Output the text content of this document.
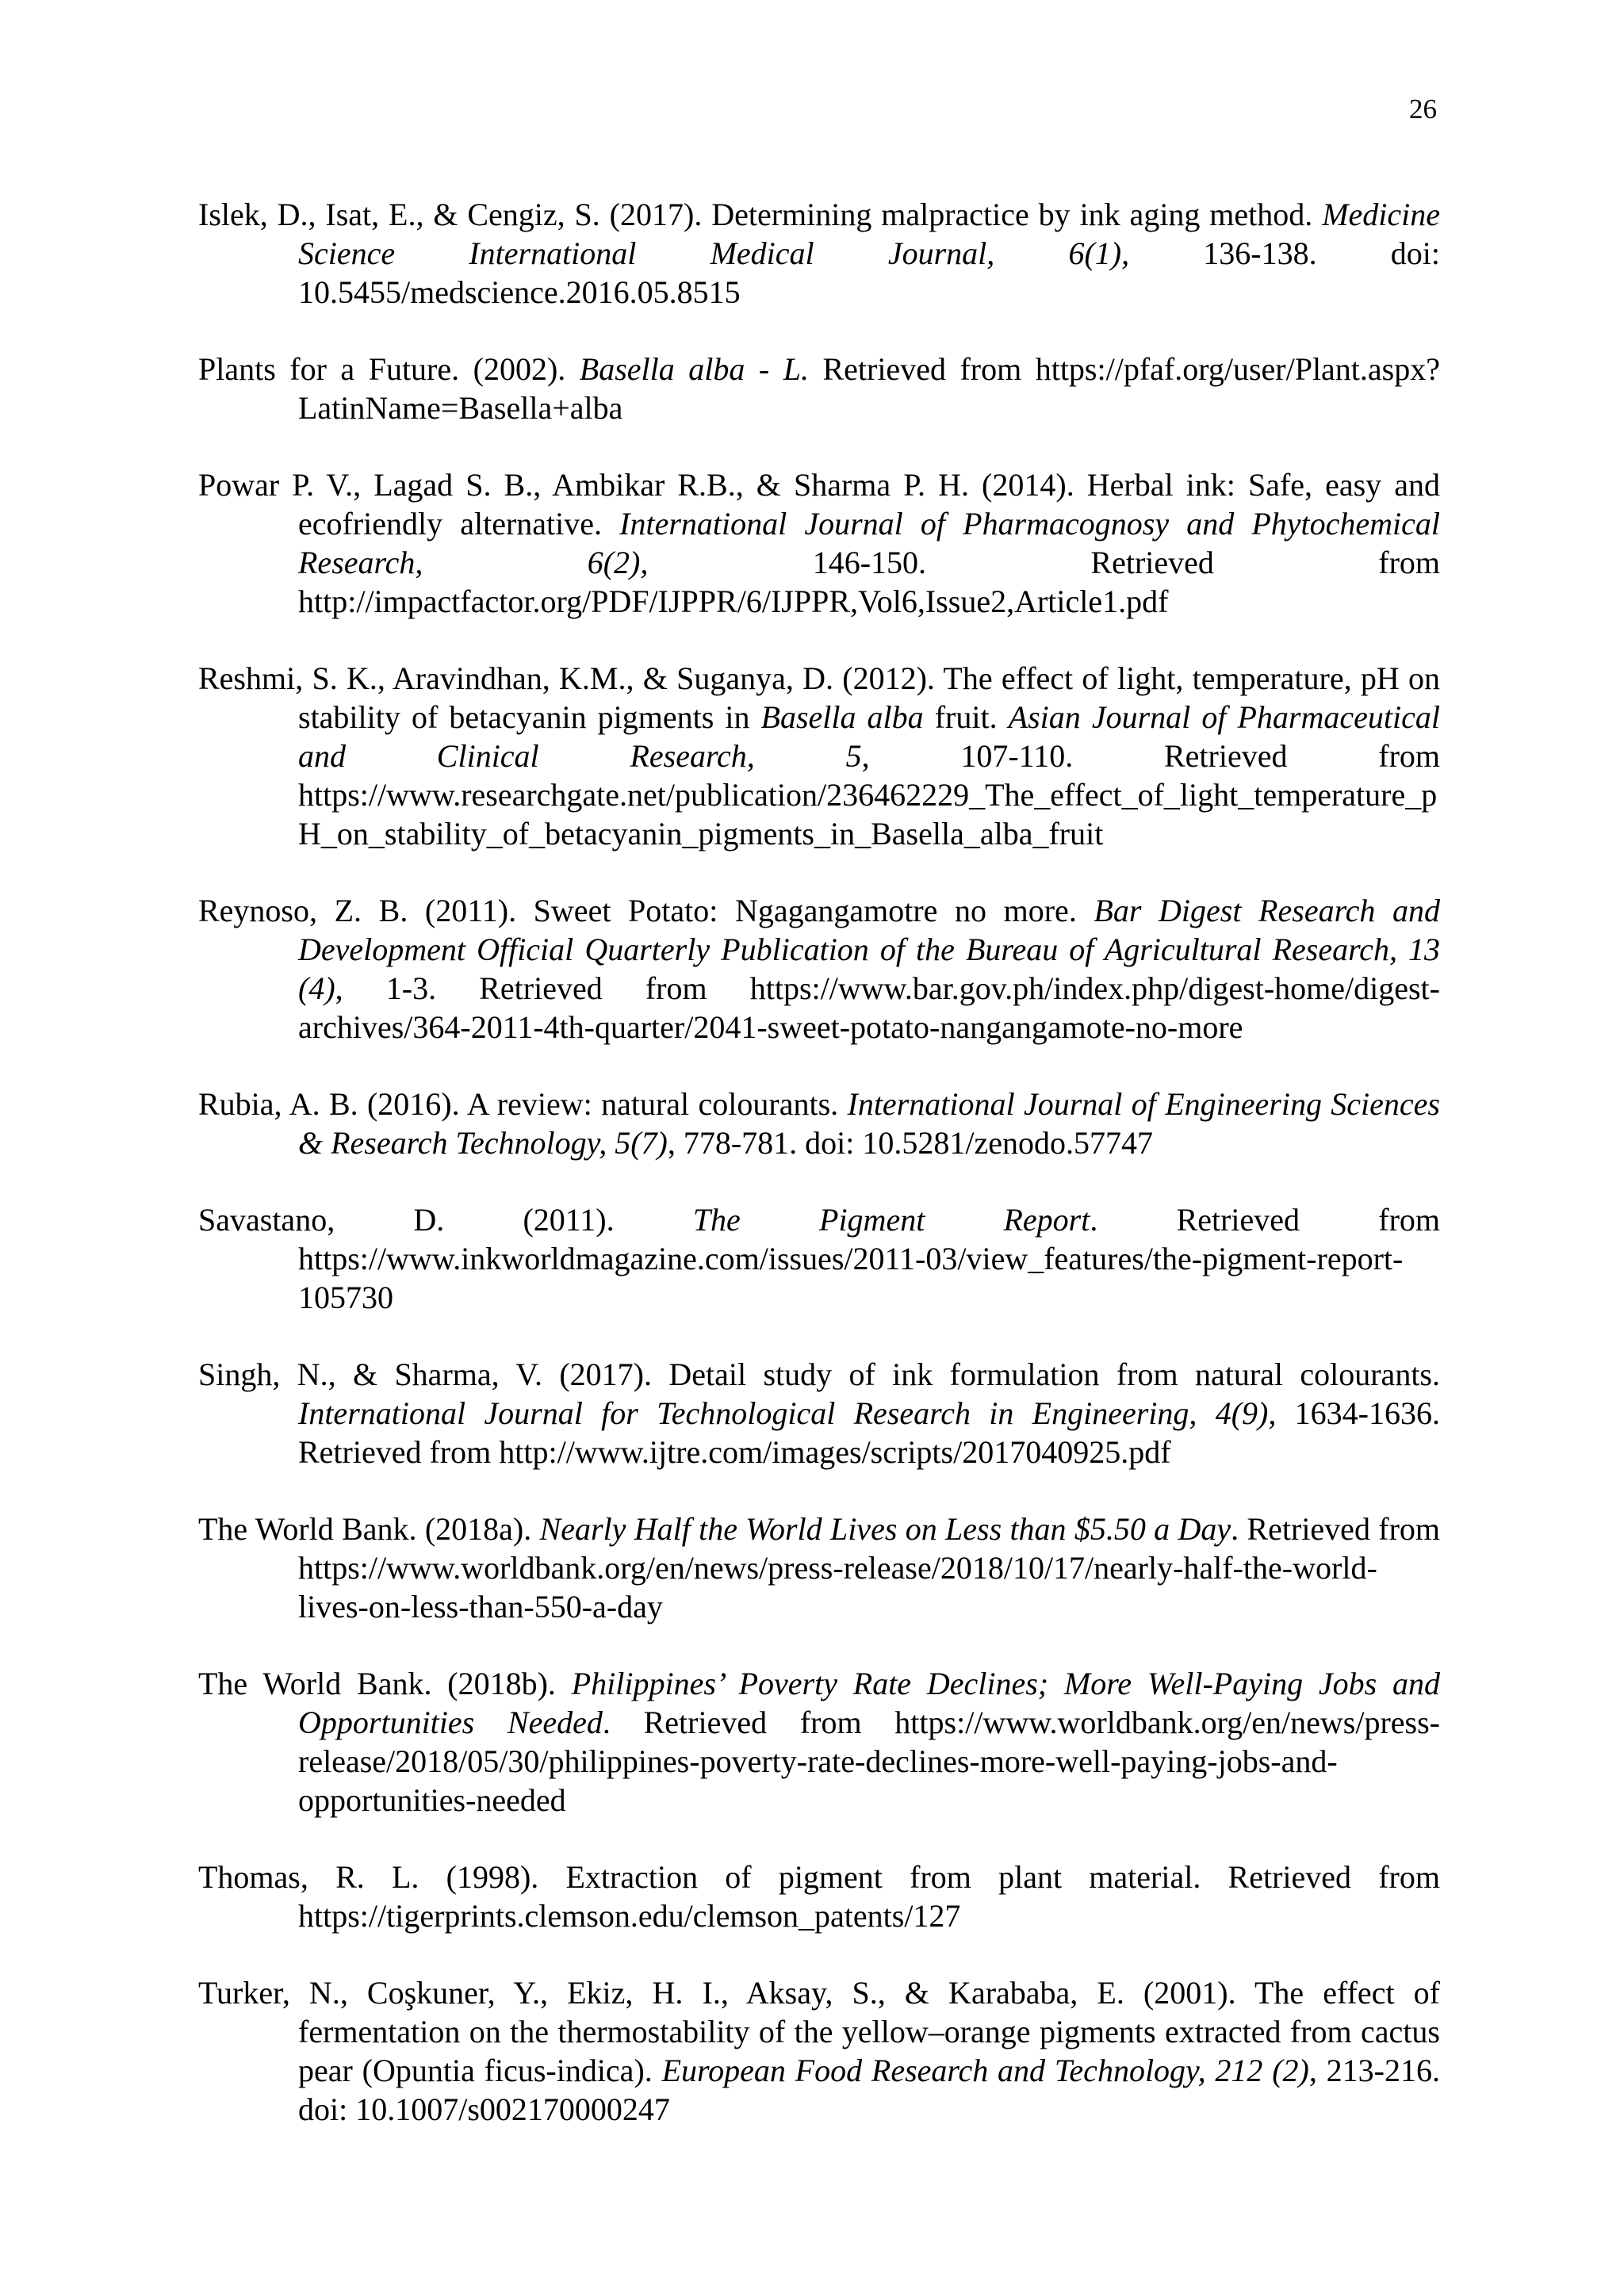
26

Islek, D., Isat, E., & Cengiz, S. (2017). Determining malpractice by ink aging method. Medicine Science International Medical Journal, 6(1), 136-138. doi: 10.5455/medscience.2016.05.8515

Plants for a Future. (2002). Basella alba - L. Retrieved from https://pfaf.org/user/Plant.aspx?LatinName=Basella+alba

Powar P. V., Lagad S. B., Ambikar R.B., & Sharma P. H. (2014). Herbal ink: Safe, easy and ecofriendly alternative. International Journal of Pharmacognosy and Phytochemical Research, 6(2), 146-150. Retrieved from http://impactfactor.org/PDF/IJPPR/6/IJPPR,Vol6,Issue2,Article1.pdf

Reshmi, S. K., Aravindhan, K.M., & Suganya, D. (2012). The effect of light, temperature, pH on stability of betacyanin pigments in Basella alba fruit. Asian Journal of Pharmaceutical and Clinical Research, 5, 107-110. Retrieved from https://www.researchgate.net/publication/236462229_The_effect_of_light_temperature_p H_on_stability_of_betacyanin_pigments_in_Basella_alba_fruit

Reynoso, Z. B. (2011). Sweet Potato: Ngagangamotre no more. Bar Digest Research and Development Official Quarterly Publication of the Bureau of Agricultural Research, 13 (4), 1-3. Retrieved from https://www.bar.gov.ph/index.php/digest-home/digest-archives/364-2011-4th-quarter/2041-sweet-potato-nangangamote-no-more

Rubia, A. B. (2016). A review: natural colourants. International Journal of Engineering Sciences & Research Technology, 5(7), 778-781. doi: 10.5281/zenodo.57747

Savastano, D. (2011). The Pigment Report. Retrieved from https://www.inkworldmagazine.com/issues/2011-03/view_features/the-pigment-report- 105730

Singh, N., & Sharma, V. (2017). Detail study of ink formulation from natural colourants. International Journal for Technological Research in Engineering, 4(9), 1634-1636. Retrieved from http://www.ijtre.com/images/scripts/2017040925.pdf

The World Bank. (2018a). Nearly Half the World Lives on Less than $5.50 a Day. Retrieved from https://www.worldbank.org/en/news/press-release/2018/10/17/nearly-half-the-world- lives-on-less-than-550-a-day

The World Bank. (2018b). Philippines’ Poverty Rate Declines; More Well-Paying Jobs and Opportunities Needed. Retrieved from https://www.worldbank.org/en/news/press-release/2018/05/30/philippines-poverty-rate-declines-more-well-paying-jobs-and-opportunities-needed

Thomas, R. L. (1998). Extraction of pigment from plant material. Retrieved from https://tigerprints.clemson.edu/clemson_patents/127

Turker, N., Coşkuner, Y., Ekiz, H. I., Aksay, S., & Karababa, E. (2001). The effect of fermentation on the thermostability of the yellow–orange pigments extracted from cactus pear (Opuntia ficus-indica). European Food Research and Technology, 212 (2), 213-216. doi: 10.1007/s002170000247
